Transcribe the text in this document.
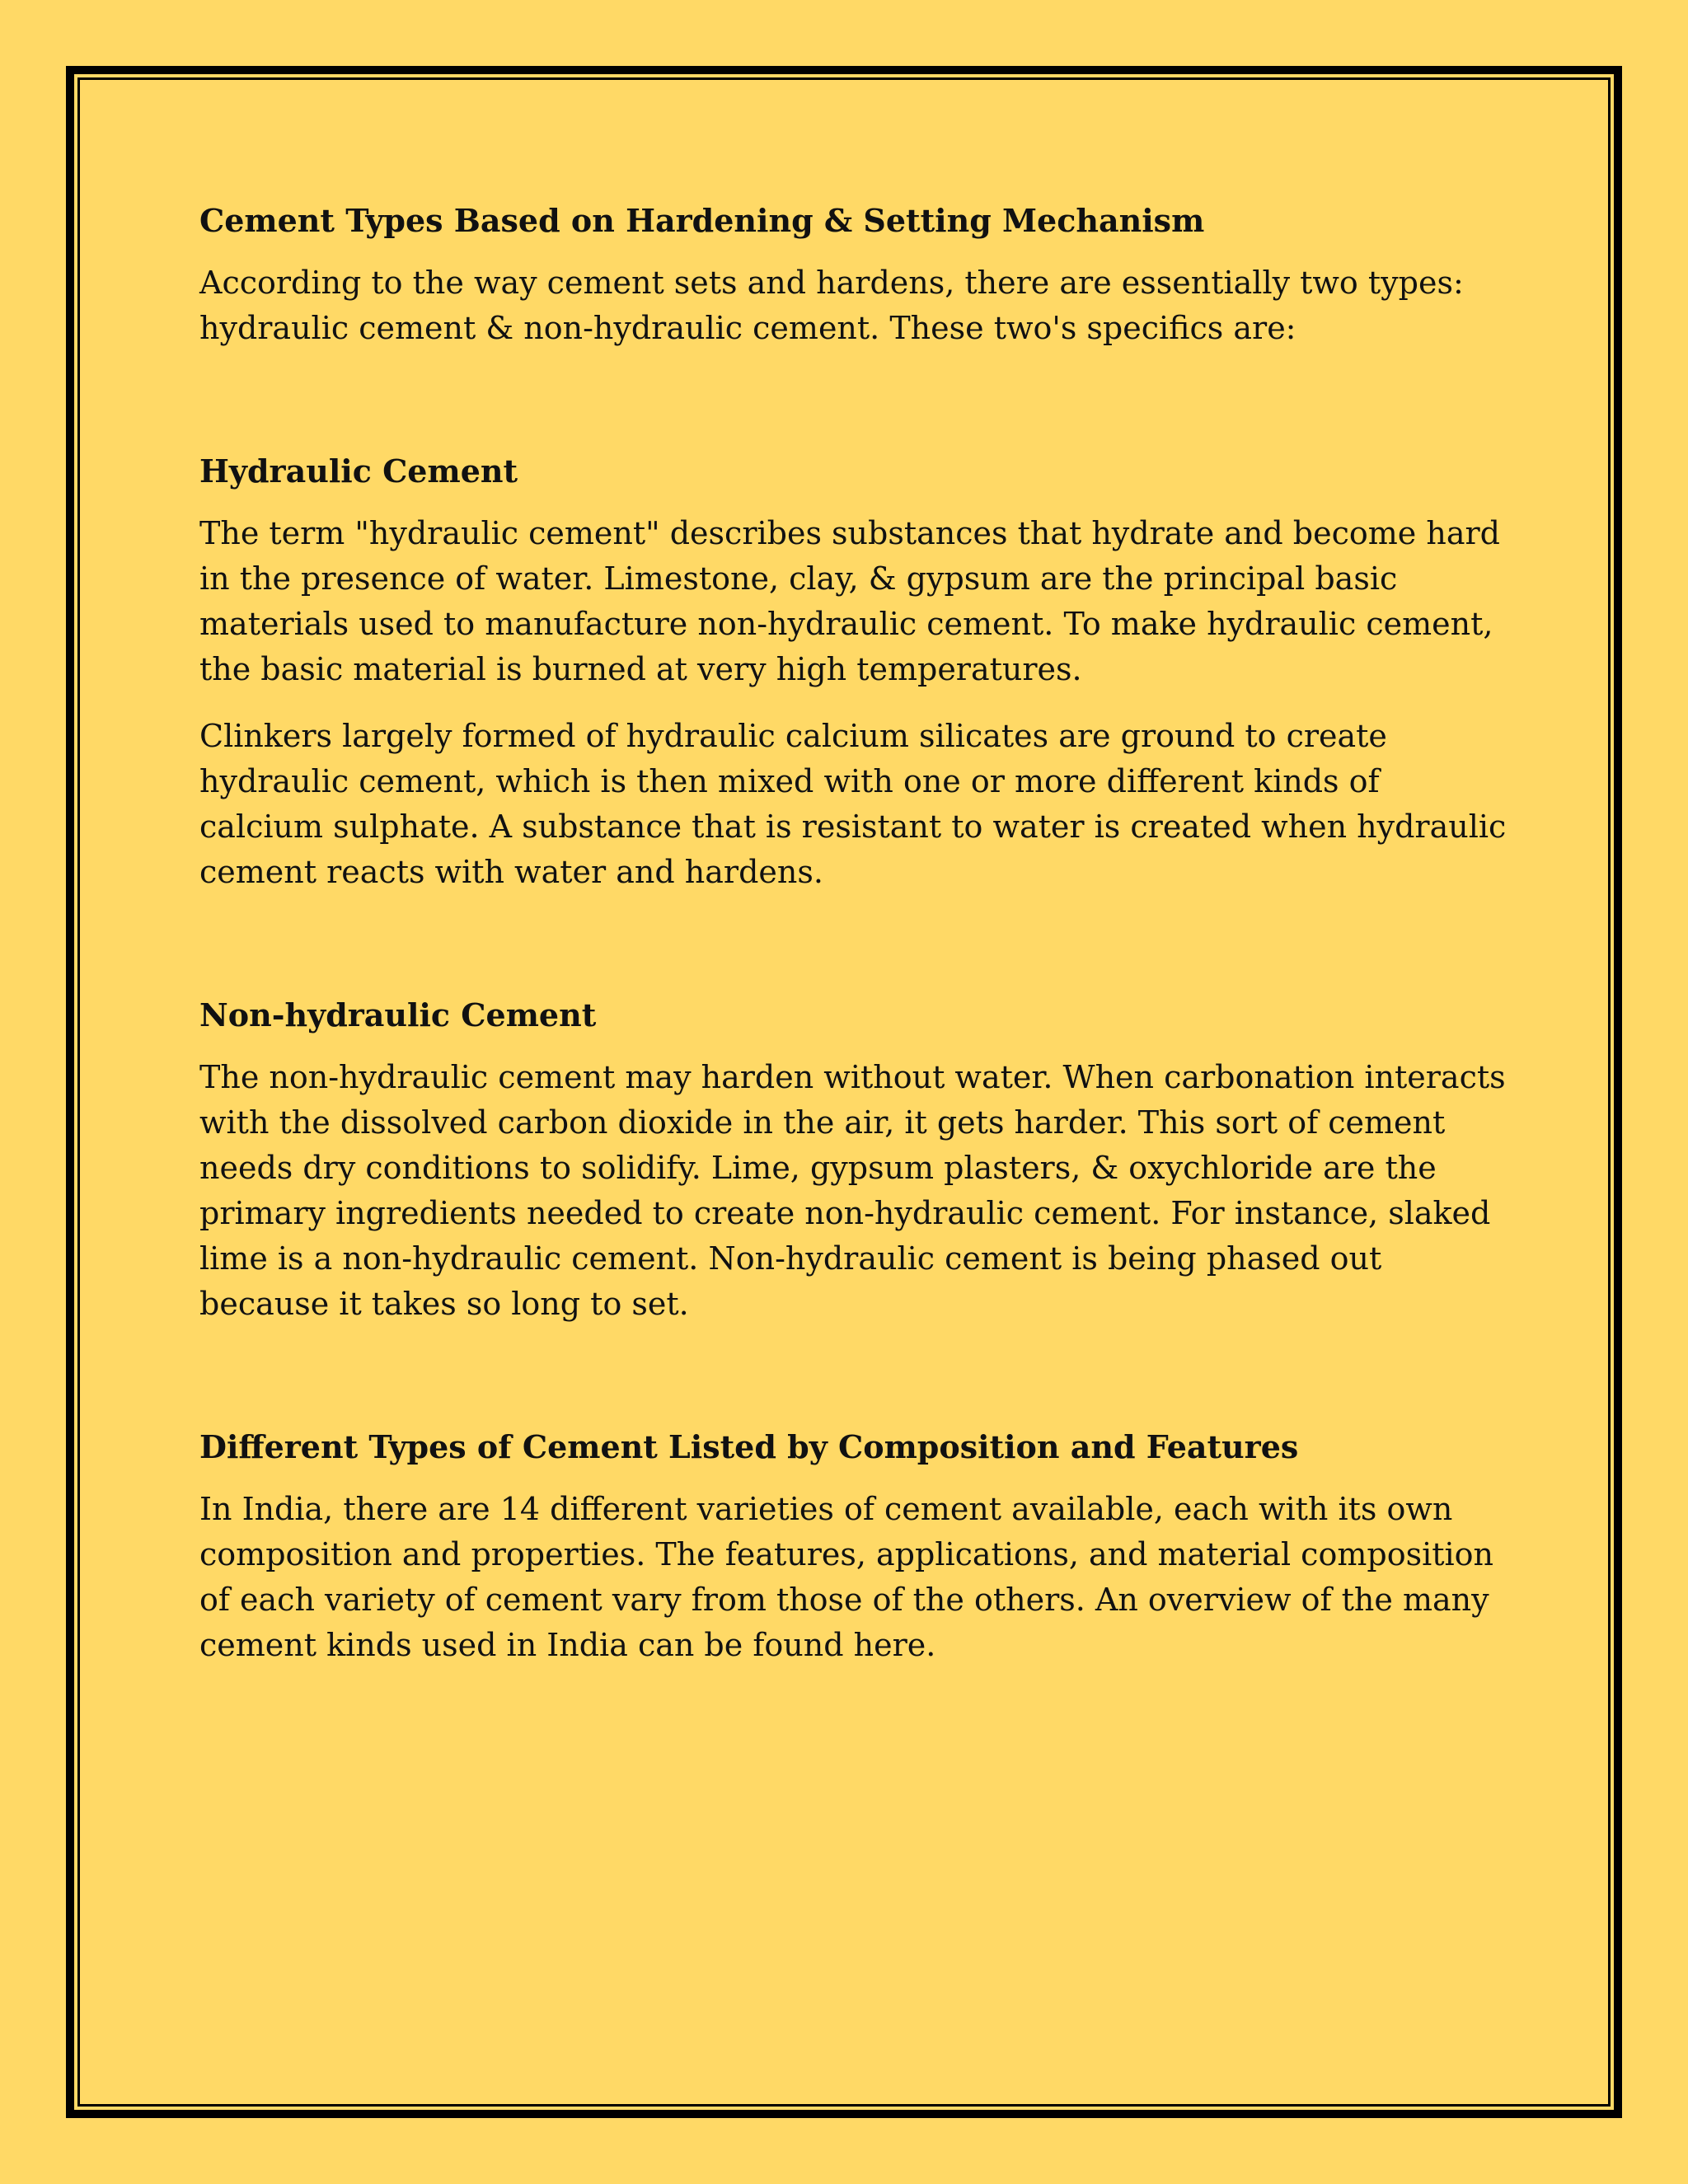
Cement Types Based on Hardening & Setting Mechanism

According to the way cement sets and hardens, there are essentially two types: hydraulic cement & non-hydraulic cement. These two's specifics are:

Hydraulic Cement

The term "hydraulic cement" describes substances that hydrate and become hard in the presence of water. Limestone, clay, & gypsum are the principal basic materials used to manufacture non-hydraulic cement. To make hydraulic cement, the basic material is burned at very high temperatures.

Clinkers largely formed of hydraulic calcium silicates are ground to create hydraulic cement, which is then mixed with one or more different kinds of calcium sulphate. A substance that is resistant to water is created when hydraulic cement reacts with water and hardens.

Non-hydraulic Cement

The non-hydraulic cement may harden without water. When carbonation interacts with the dissolved carbon dioxide in the air, it gets harder. This sort of cement needs dry conditions to solidify. Lime, gypsum plasters, & oxychloride are the primary ingredients needed to create non-hydraulic cement. For instance, slaked lime is a non-hydraulic cement. Non-hydraulic cement is being phased out because it takes so long to set.

Different Types of Cement Listed by Composition and Features

In India, there are 14 different varieties of cement available, each with its own composition and properties. The features, applications, and material composition of each variety of cement vary from those of the others. An overview of the many cement kinds used in India can be found here.
